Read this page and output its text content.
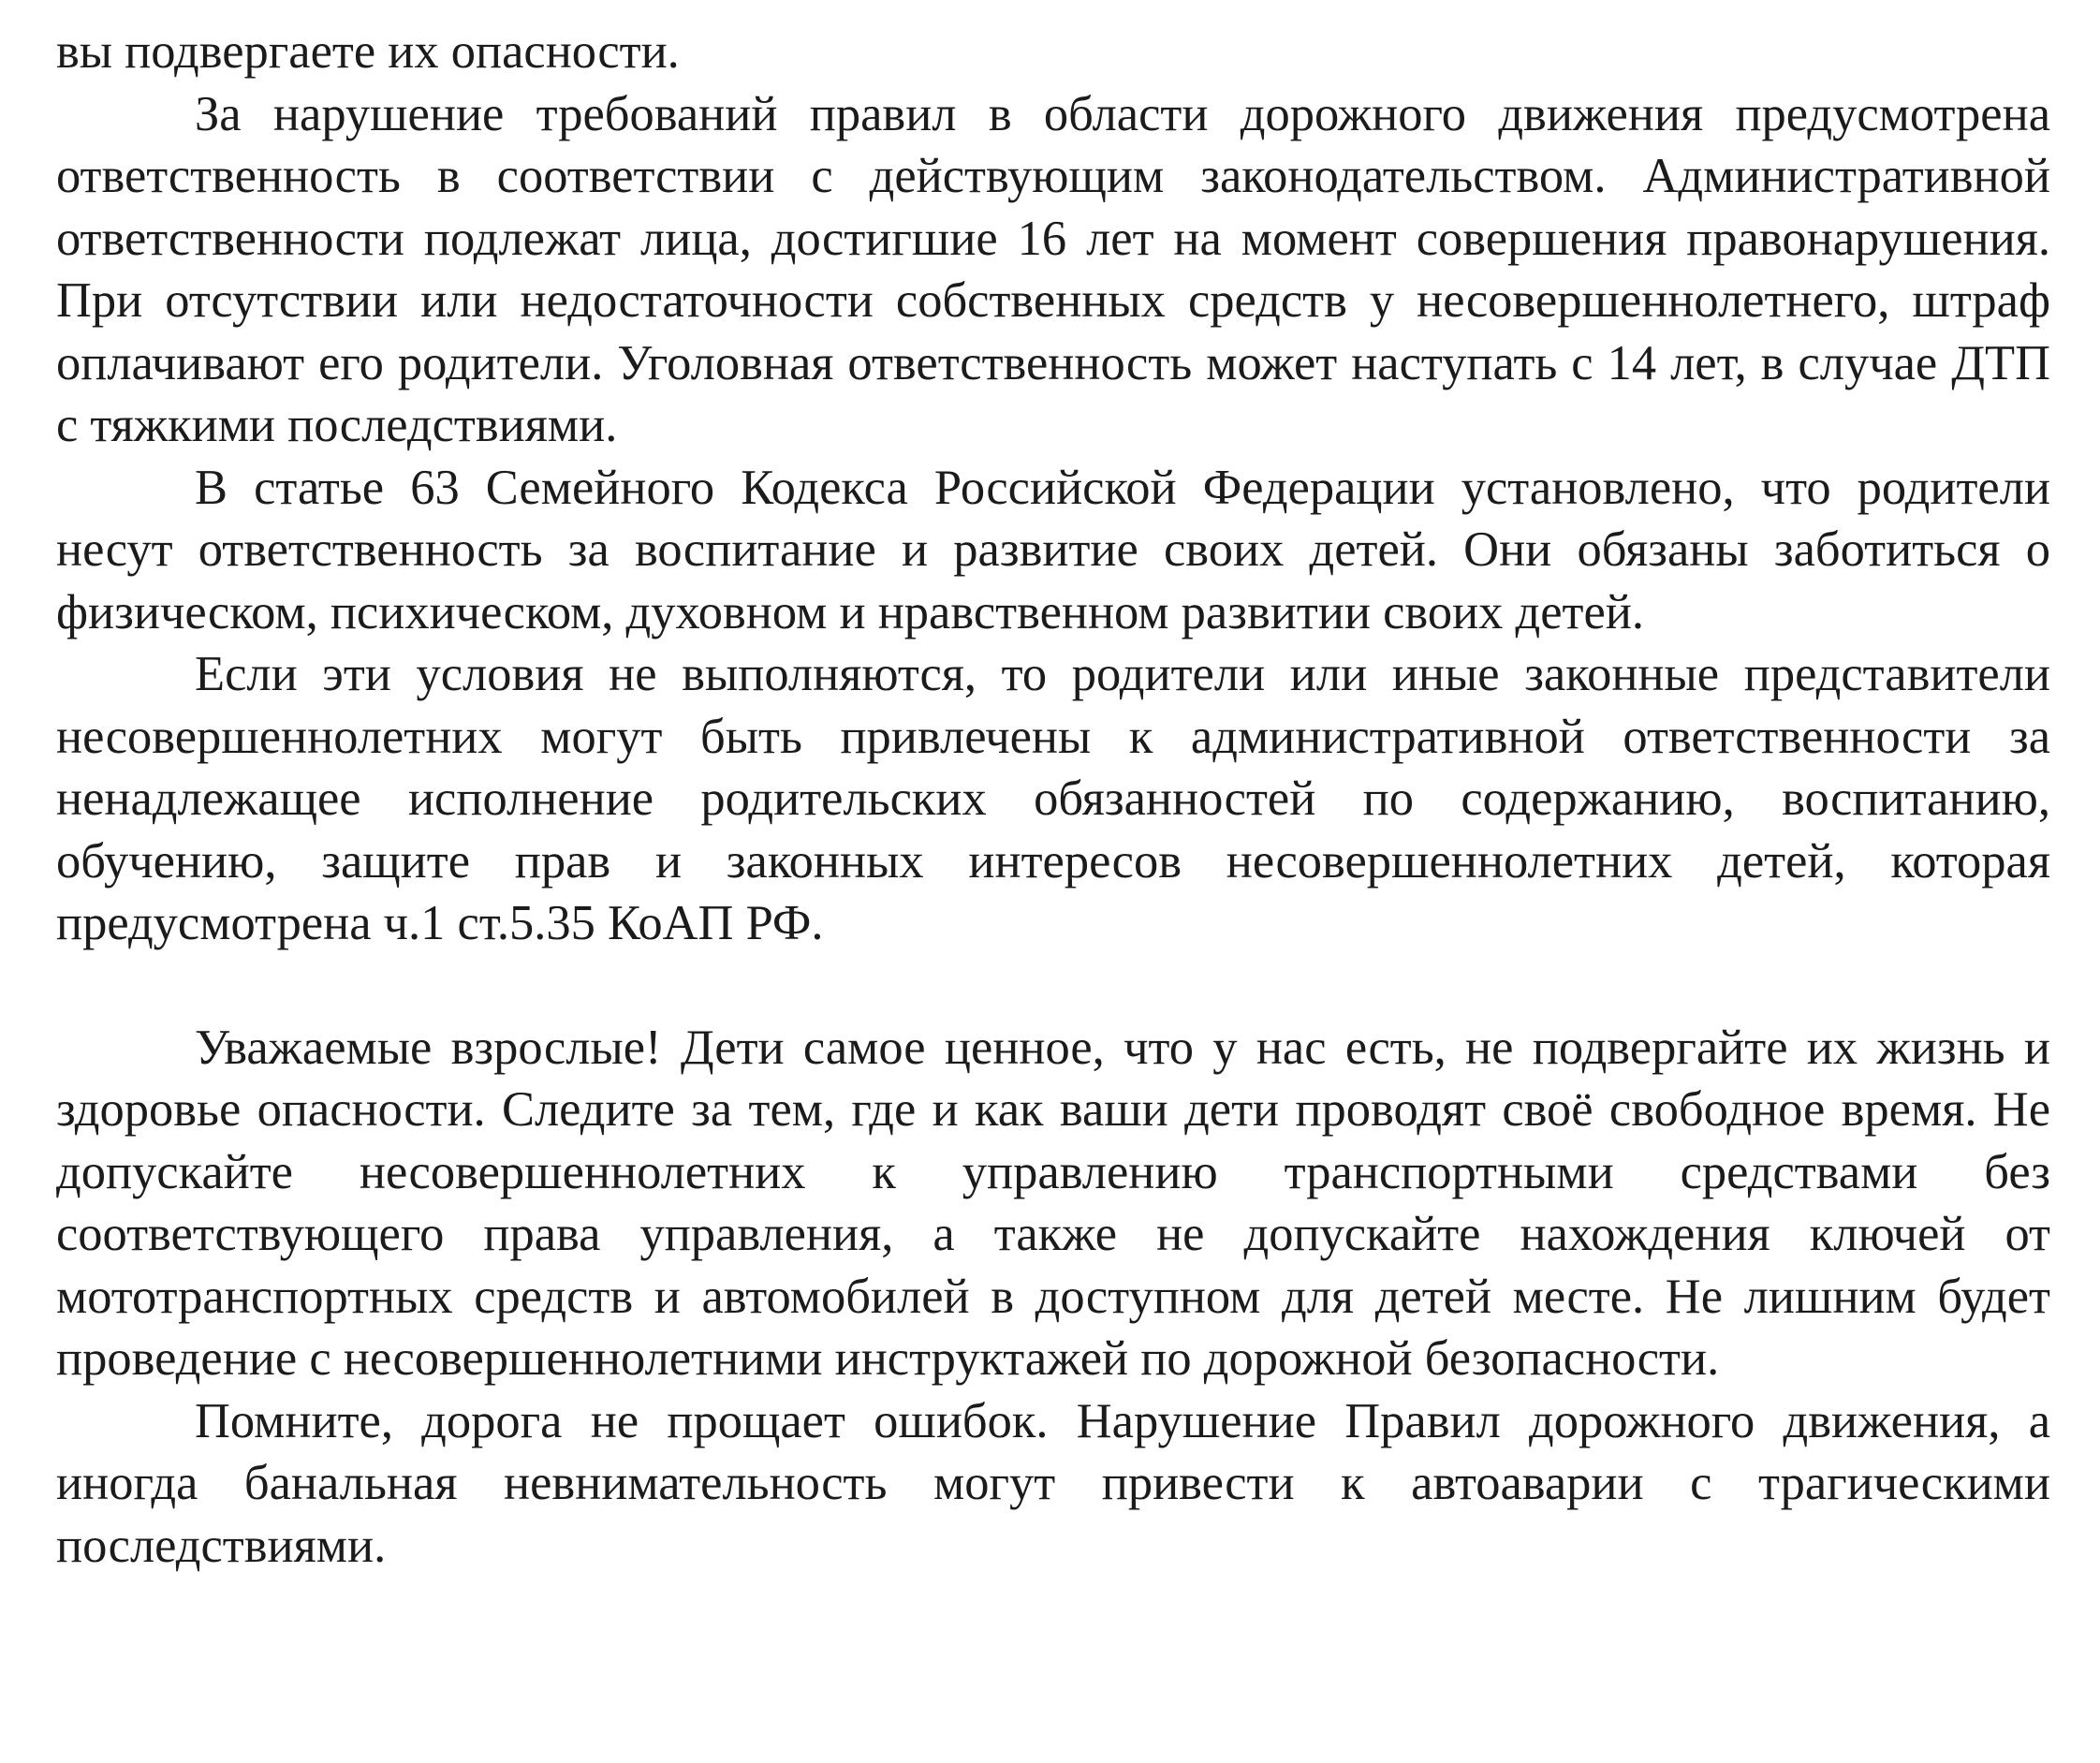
вы подвергаете их опасности.

За нарушение требований правил в области дорожного движения предусмотрена ответственность в соответствии с действующим законодательством. Административной ответственности подлежат лица, достигшие 16 лет на момент совершения правонарушения. При отсутствии или недостаточности собственных средств у несовершеннолетнего, штраф оплачивают его родители. Уголовная ответственность может наступать с 14 лет, в случае ДТП с тяжкими последствиями.

В статье 63 Семейного Кодекса Российской Федерации установлено, что родители несут ответственность за воспитание и развитие своих детей. Они обязаны заботиться о физическом, психическом, духовном и нравственном развитии своих детей.

Если эти условия не выполняются, то родители или иные законные представители несовершеннолетних могут быть привлечены к административной ответственности за ненадлежащее исполнение родительских обязанностей по содержанию, воспитанию, обучению, защите прав и законных интересов несовершеннолетних детей, которая предусмотрена ч.1 ст.5.35 КоАП РФ.

Уважаемые взрослые! Дети самое ценное, что у нас есть, не подвергайте их жизнь и здоровье опасности. Следите за тем, где и как ваши дети проводят своё свободное время. Не допускайте несовершеннолетних к управлению транспортными средствами без соответствующего права управления, а также не допускайте нахождения ключей от мототранспортных средств и автомобилей в доступном для детей месте. Не лишним будет проведение с несовершеннолетними инструктажей по дорожной безопасности.

Помните, дорога не прощает ошибок. Нарушение Правил дорожного движения, а иногда банальная невнимательность могут привести к автоаварии с трагическими последствиями.
